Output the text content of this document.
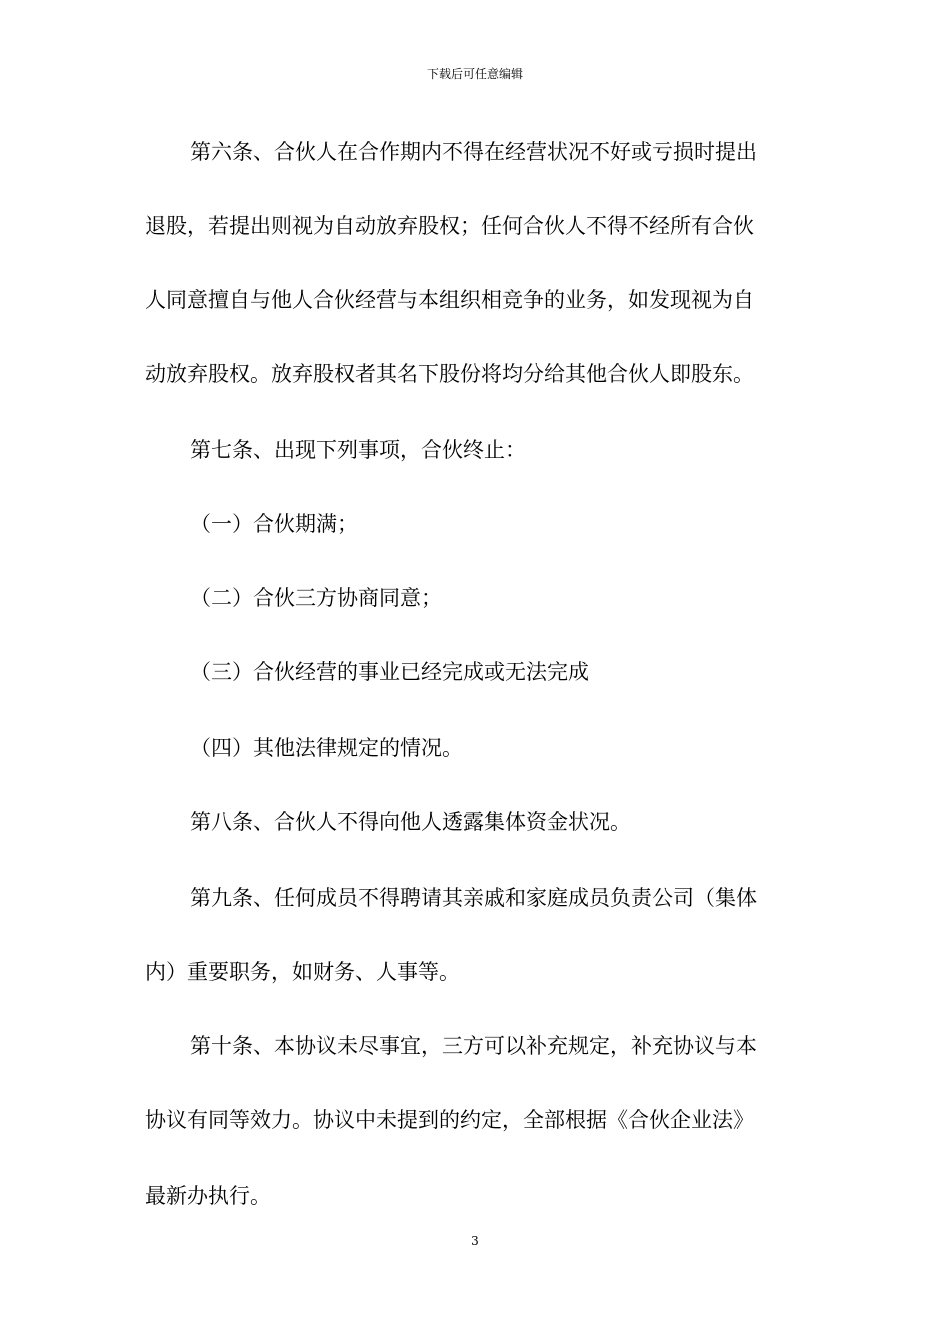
下载后可任意编辑
第六条、合伙人在合作期内不得在经营状况不好或亏损时提出
退股，若提出则视为自动放弃股权；任何合伙人不得不经所有合伙
人同意擅自与他人合伙经营与本组织相竞争的业务，如发现视为自
动放弃股权。放弃股权者其名下股份将均分给其他合伙人即股东。
第七条、出现下列事项，合伙终止：
（一）合伙期满；
（二）合伙三方协商同意；
（三）合伙经营的事业已经完成或无法完成
（四）其他法律规定的情况。
第八条、合伙人不得向他人透露集体资金状况。
第九条、任何成员不得聘请其亲戚和家庭成员负责公司（集体
内）重要职务，如财务、人事等。
第十条、本协议未尽事宜，三方可以补充规定，补充协议与本
协议有同等效力。协议中未提到的约定，全部根据《合伙企业法》
最新办执行。
3
